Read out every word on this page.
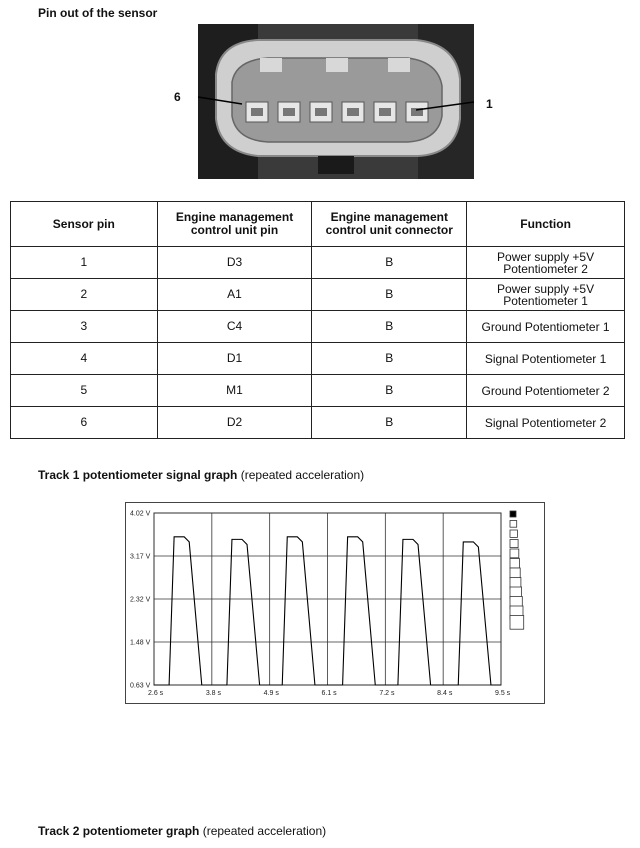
Pin out of the sensor
6	1
Sensor pin	Engine management control unit pin	Engine management control unit connector	Function
1	D3	B	Power supply +5V Potentiometer 2
2	A1	B	Power supply +5V Potentiometer 1
3	C4	B	Ground Potentiometer 1
4	D1	B	Signal Potentiometer 1
5	M1	B	Ground Potentiometer 2
6	D2	B	Signal Potentiometer 2
Track 1 potentiometer signal graph (repeated acceleration)
4.02 V
3.17 V
2.32 V
1.48 V
0.63 V
2.6 s	3.8 s	4.9 s	6.1 s	7.2 s	8.4 s	9.5 s
Track 2 potentiometer graph (repeated acceleration)
